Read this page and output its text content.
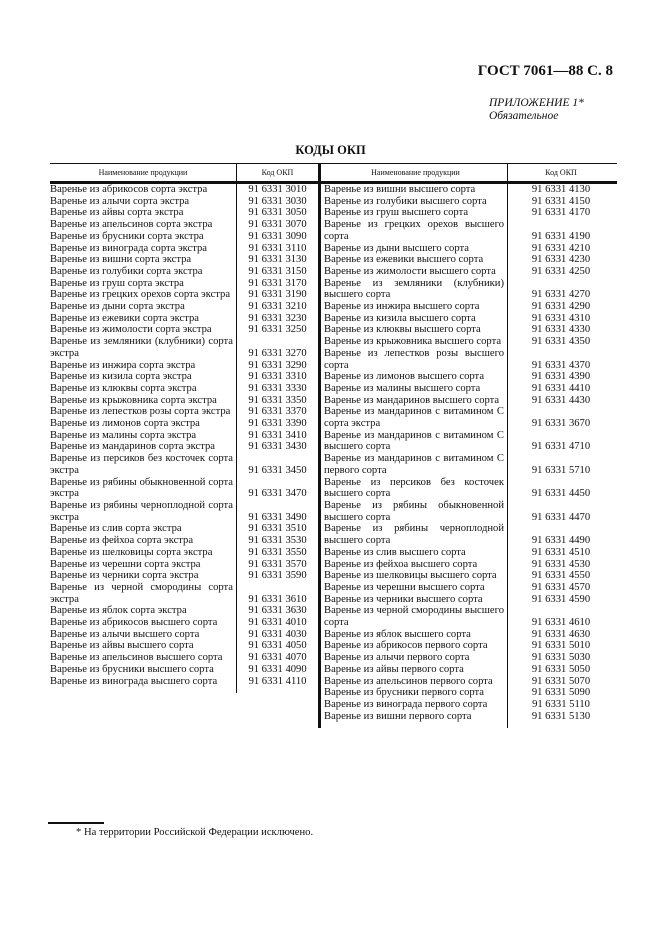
ГОСТ 7061—88 С. 8
ПРИЛОЖЕНИЕ 1*
Обязательное
КОДЫ ОКП
Наименование продукции	Код ОКП
Варенье из абрикосов сорта экстра	91 6331 3010
Варенье из алычи сорта экстра	91 6331 3030
Варенье из айвы сорта экстра	91 6331 3050
Варенье из апельсинов сорта экстра	91 6331 3070
Варенье из брусники сорта экстра	91 6331 3090
Варенье из винограда сорта экстра	91 6331 3110
Варенье из вишни сорта экстра	91 6331 3130
Варенье из голубики сорта экстра	91 6331 3150
Варенье из груш сорта экстра	91 6331 3170
Варенье из грецких орехов сорта экстра	91 6331 3190
Варенье из дыни сорта экстра	91 6331 3210
Варенье из ежевики сорта экстра	91 6331 3230
Варенье из жимолости сорта экстра	91 6331 3250
Варенье из земляники (клубники) сорта экстра	91 6331 3270
Варенье из инжира сорта экстра	91 6331 3290
Варенье из кизила сорта экстра	91 6331 3310
Варенье из клюквы сорта экстра	91 6331 3330
Варенье из крыжовника сорта экстра	91 6331 3350
Варенье из лепестков розы сорта экстра	91 6331 3370
Варенье из лимонов сорта экстра	91 6331 3390
Варенье из малины сорта экстра	91 6331 3410
Варенье из мандаринов сорта экстра	91 6331 3430
Варенье из персиков без косточек сорта экстра	91 6331 3450
Варенье из рябины обыкновенной сорта экстра	91 6331 3470
Варенье из рябины черноплодной сорта экстра	91 6331 3490
Варенье из слив сорта экстра	91 6331 3510
Варенье из фейхоа сорта экстра	91 6331 3530
Варенье из шелковицы сорта экстра	91 6331 3550
Варенье из черешни сорта экстра	91 6331 3570
Варенье из черники сорта экстра	91 6331 3590
Варенье из черной смородины сорта экстра	91 6331 3610
Варенье из яблок сорта экстра	91 6331 3630
Варенье из абрикосов высшего сорта	91 6331 4010
Варенье из алычи высшего сорта	91 6331 4030
Варенье из айвы высшего сорта	91 6331 4050
Варенье из апельсинов высшего сорта	91 6331 4070
Варенье из брусники высшего сорта	91 6331 4090
Варенье из винограда высшего сорта	91 6331 4110
Наименование продукции	Код ОКП
Варенье из вишни высшего сорта	91 6331 4130
Варенье из голубики высшего сорта	91 6331 4150
Варенье из груш высшего сорта	91 6331 4170
Варенье из грецких орехов высшего сорта	91 6331 4190
Варенье из дыни высшего сорта	91 6331 4210
Варенье из ежевики высшего сорта	91 6331 4230
Варенье из жимолости высшего сорта	91 6331 4250
Варенье из земляники (клубники) высшего сорта	91 6331 4270
Варенье из инжира высшего сорта	91 6331 4290
Варенье из кизила высшего сорта	91 6331 4310
Варенье из клюквы высшего сорта	91 6331 4330
Варенье из крыжовника высшего сорта	91 6331 4350
Варенье из лепестков розы высшего сорта	91 6331 4370
Варенье из лимонов высшего сорта	91 6331 4390
Варенье из малины высшего сорта	91 6331 4410
Варенье из мандаринов высшего сорта	91 6331 4430
Варенье из мандаринов с витамином С сорта экстра	91 6331 3670
Варенье из мандаринов с витамином С высшего сорта	91 6331 4710
Варенье из мандаринов с витамином С первого сорта	91 6331 5710
Варенье из персиков без косточек высшего сорта	91 6331 4450
Варенье из рябины обыкновенной высшего сорта	91 6331 4470
Варенье из рябины черноплодной высшего сорта	91 6331 4490
Варенье из слив высшего сорта	91 6331 4510
Варенье из фейхоа высшего сорта	91 6331 4530
Варенье из шелковицы высшего сорта	91 6331 4550
Варенье из черешни высшего сорта	91 6331 4570
Варенье из черники высшего сорта	91 6331 4590
Варенье из черной смородины высшего сорта	91 6331 4610
Варенье из яблок высшего сорта	91 6331 4630
Варенье из абрикосов первого сорта	91 6331 5010
Варенье из алычи первого сорта	91 6331 5030
Варенье из айвы первого сорта	91 6331 5050
Варенье из апельсинов первого сорта	91 6331 5070
Варенье из брусники первого сорта	91 6331 5090
Варенье из винограда первого сорта	91 6331 5110
Варенье из вишни первого сорта	91 6331 5130
* На территории Российской Федерации исключено.
